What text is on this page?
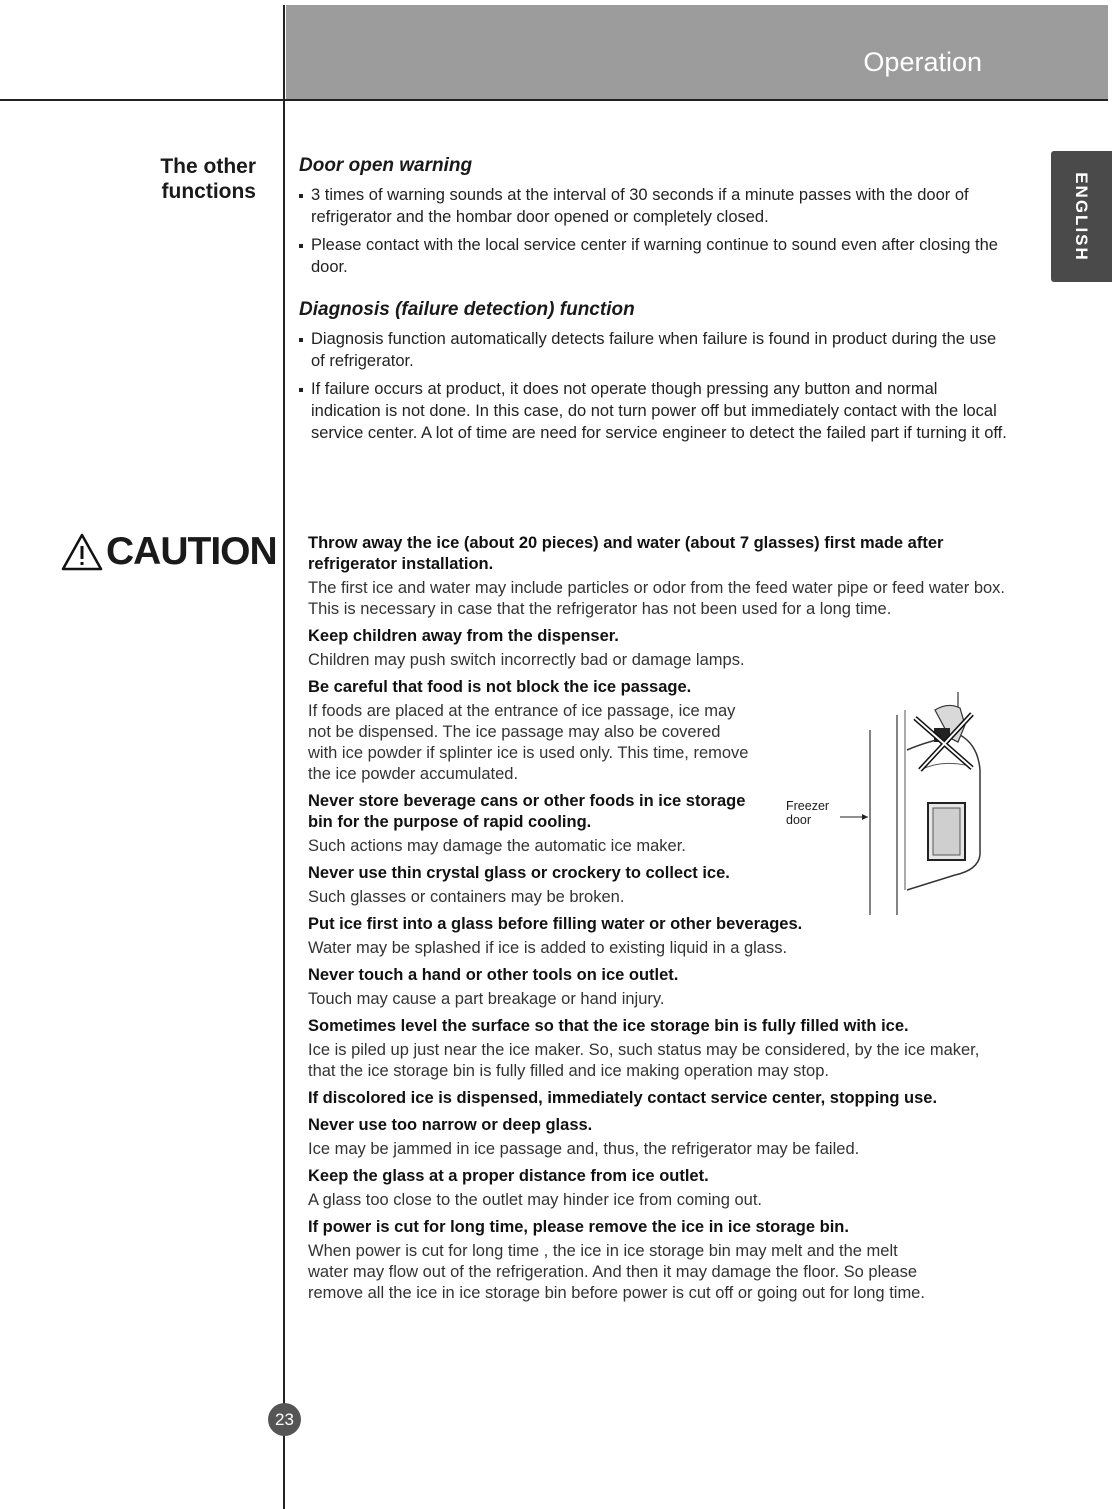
Operation
ENGLISH
The other
functions
Door open warning
3 times of warning sounds at the interval of 30 seconds if a minute passes with the door of refrigerator and the hombar door opened or completely closed.
Please contact with the local service center if warning continue to sound even after closing the door.
Diagnosis (failure detection) function
Diagnosis function automatically detects failure when failure is found in product during the use of refrigerator.
If failure occurs at product, it does not operate though pressing any button and normal indication is not done. In this case, do not turn power off but immediately contact with the local service center. A lot of time are need for service engineer to detect the failed part if turning it off.
CAUTION Throw away the ice (about 20 pieces) and water (about 7 glasses) first made after refrigerator installation.

The first ice and water may include particles or odor from the feed water pipe or feed water box. This is necessary in case that the refrigerator has not been used for a long time.

Keep children away from the dispenser.

Children may push switch incorrectly bad or damage lamps.

Be careful that food is not block the ice passage.

If foods are placed at the entrance of ice passage, ice may not be dispensed. The ice passage may also be covered with ice powder if splinter ice is used only. This time, remove the ice powder accumulated.

Never store beverage cans or other foods in ice storage bin for the purpose of rapid cooling.

Such actions may damage the automatic ice maker.

Never use thin crystal glass or crockery to collect ice.

Such glasses or containers may be broken.

Put ice first into a glass before filling water or other beverages.

Water may be splashed if ice is added to existing liquid in a glass.

Never touch a hand or other tools on ice outlet.

Touch may cause a part breakage or hand injury.

Sometimes level the surface so that the ice storage bin is fully filled with ice.

Ice is piled up just near the ice maker. So, such status may be considered, by the ice maker, that the ice storage bin is fully filled and ice making operation may stop.

If discolored ice is dispensed, immediately contact service center, stopping use.

Never use too narrow or deep glass.

Ice may be jammed in ice passage and, thus, the refrigerator may be failed.

Keep the glass at a proper distance from ice outlet.

A glass too close to the outlet may hinder ice from coming out.

If power is cut for long time, please remove the ice in ice storage bin.

When power is cut for long time , the ice in ice storage bin may melt and the melt water may flow out of the refrigeration. And then it may damage the floor. So please remove all the ice in ice storage bin before power is cut off or going out for long time.

Freezer
door
23
